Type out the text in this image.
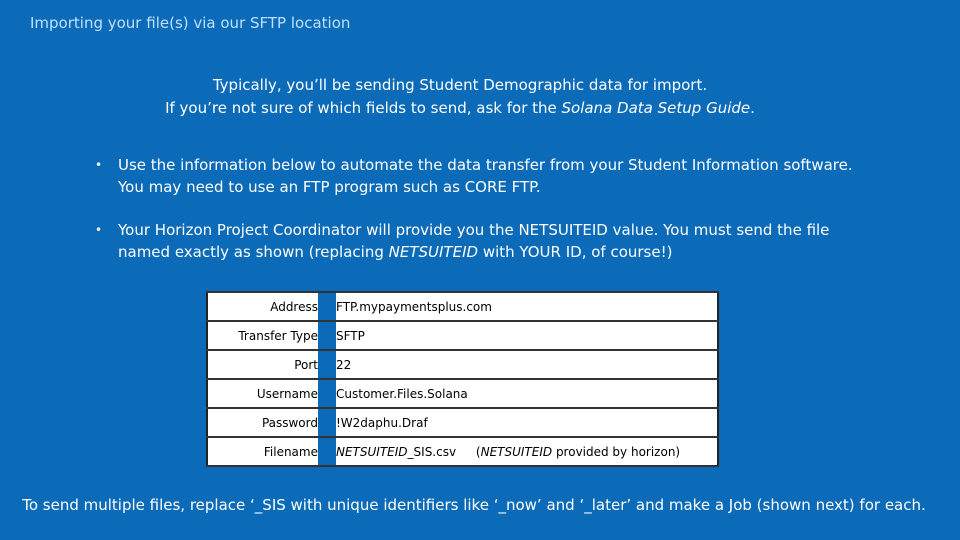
Importing your file(s) via our SFTP location
Typically, you’ll be sending Student Demographic data for import.
If you’re not sure of which fields to send, ask for the Solana Data Setup Guide.
• Use the information below to automate the data transfer from your Student Information software.
You may need to use an FTP program such as CORE FTP.
• Your Horizon Project Coordinator will provide you the NETSUITEID value. You must send the file
named exactly as shown (replacing NETSUITEID with YOUR ID, of course!)
Address		FTP.mypaymentsplus.com
Transfer Type		SFTP
Port		22
Username		Customer.Files.Solana
Password		!W2daphu.Draf
Filename		NETSUITEID_SIS.csv (NETSUITEID provided by horizon)
To send multiple files, replace ‘_SIS with unique identifiers like ‘_now’ and ‘_later’ and make a Job (shown next) for each.
